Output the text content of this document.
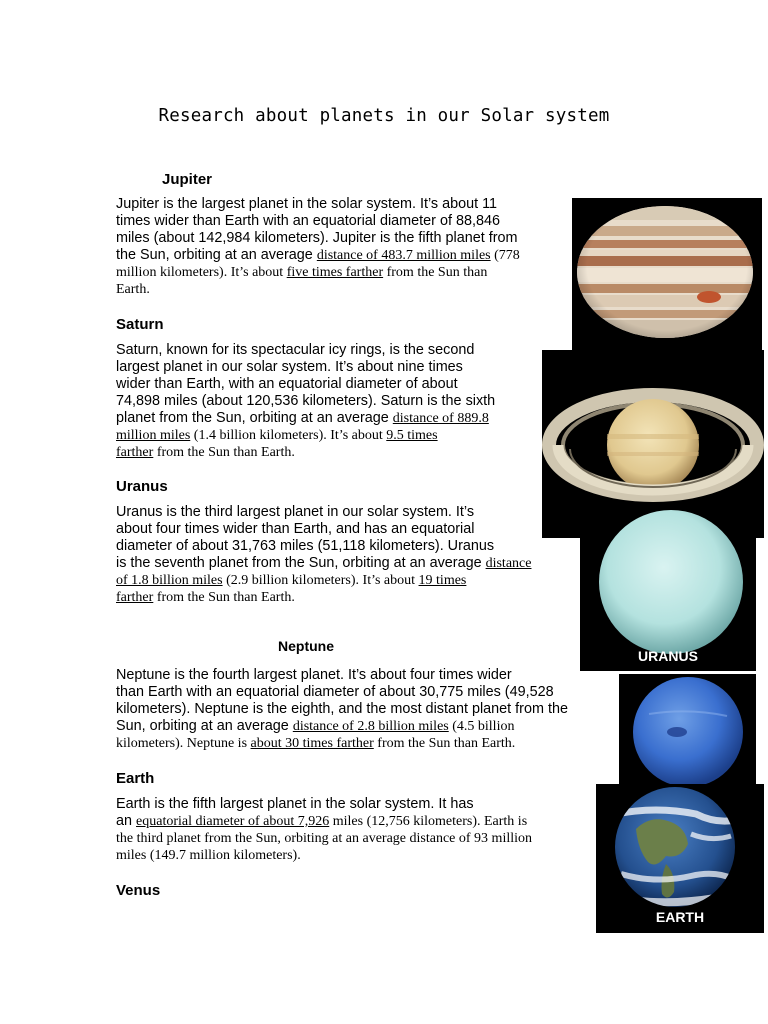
Research about planets in our Solar system
Jupiter
Jupiter is the largest planet in the solar system. It’s about 11
times wider than Earth with an equatorial diameter of 88,846
miles (about 142,984 kilometers). Jupiter is the fifth planet from
the Sun, orbiting at an average distance of 483.7 million miles (778
million kilometers). It’s about five times farther from the Sun than
Earth.
Saturn
Saturn, known for its spectacular icy rings, is the second
largest planet in our solar system. It’s about nine times
wider than Earth, with an equatorial diameter of about
74,898 miles (about 120,536 kilometers). Saturn is the sixth
planet from the Sun, orbiting at an average distance of 889.8
million miles (1.4 billion kilometers). It’s about 9.5 times
farther from the Sun than Earth.
Uranus
Uranus is the third largest planet in our solar system. It’s
about four times wider than Earth, and has an equatorial
diameter of about 31,763 miles (51,118 kilometers). Uranus
is the seventh planet from the Sun, orbiting at an average distance
of 1.8 billion miles (2.9 billion kilometers). It’s about 19 times
farther from the Sun than Earth.
URANUS
Neptune
Neptune is the fourth largest planet. It’s about four times wider
than Earth with an equatorial diameter of about 30,775 miles (49,528
kilometers). Neptune is the eighth, and the most distant planet from the
Sun, orbiting at an average distance of 2.8 billion miles (4.5 billion
kilometers). Neptune is about 30 times farther from the Sun than Earth.
Earth
Earth is the fifth largest planet in the solar system. It has
an equatorial diameter of about 7,926 miles (12,756 kilometers). Earth is
the third planet from the Sun, orbiting at an average distance of 93 million
miles (149.7 million kilometers).
EARTH
Venus
